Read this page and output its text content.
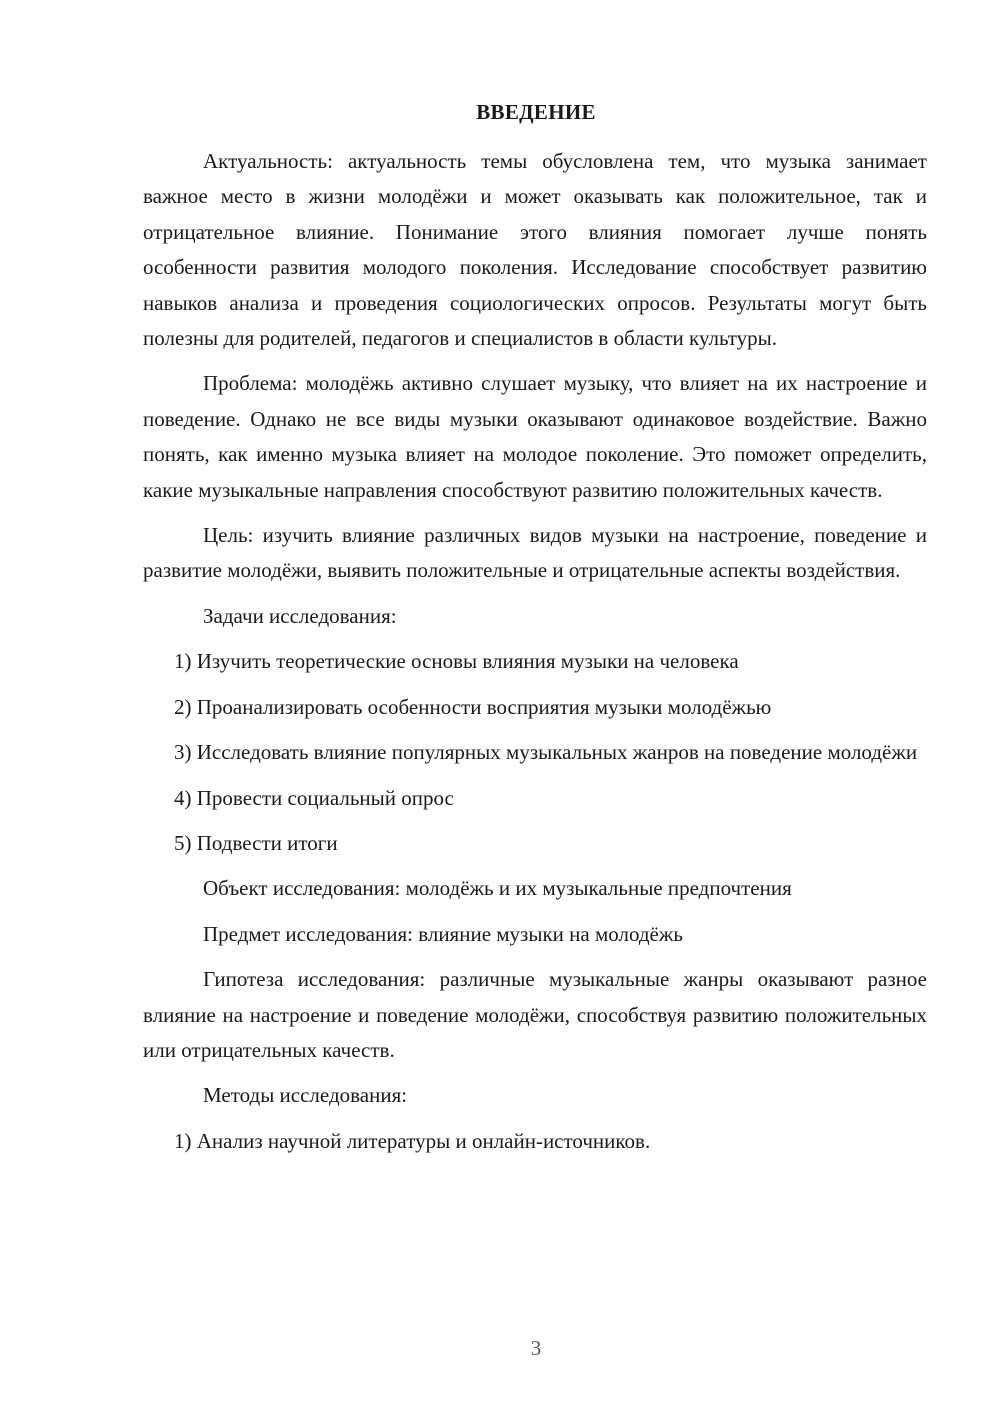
ВВЕДЕНИЕ

Актуальность: актуальность темы обусловлена тем, что музыка занимает важное место в жизни молодёжи и может оказывать как положительное, так и отрицательное влияние. Понимание этого влияния помогает лучше понять особенности развития молодого поколения. Исследование способствует развитию навыков анализа и проведения социологических опросов. Результаты могут быть полезны для родителей, педагогов и специалистов в области культуры.

Проблема: молодёжь активно слушает музыку, что влияет на их настроение и поведение. Однако не все виды музыки оказывают одинаковое воздействие. Важно понять, как именно музыка влияет на молодое поколение. Это поможет определить, какие музыкальные направления способствуют развитию положительных качеств.

Цель: изучить влияние различных видов музыки на настроение, поведение и развитие молодёжи, выявить положительные и отрицательные аспекты воздействия.

Задачи исследования:

1) Изучить теоретические основы влияния музыки на человека

2) Проанализировать особенности восприятия музыки молодёжью

3) Исследовать влияние популярных музыкальных жанров на поведение молодёжи

4) Провести социальный опрос

5) Подвести итоги

Объект исследования: молодёжь и их музыкальные предпочтения

Предмет исследования: влияние музыки на молодёжь

Гипотеза исследования: различные музыкальные жанры оказывают разное влияние на настроение и поведение молодёжи, способствуя развитию положительных или отрицательных качеств.

Методы исследования:

1) Анализ научной литературы и онлайн-источников.

3
